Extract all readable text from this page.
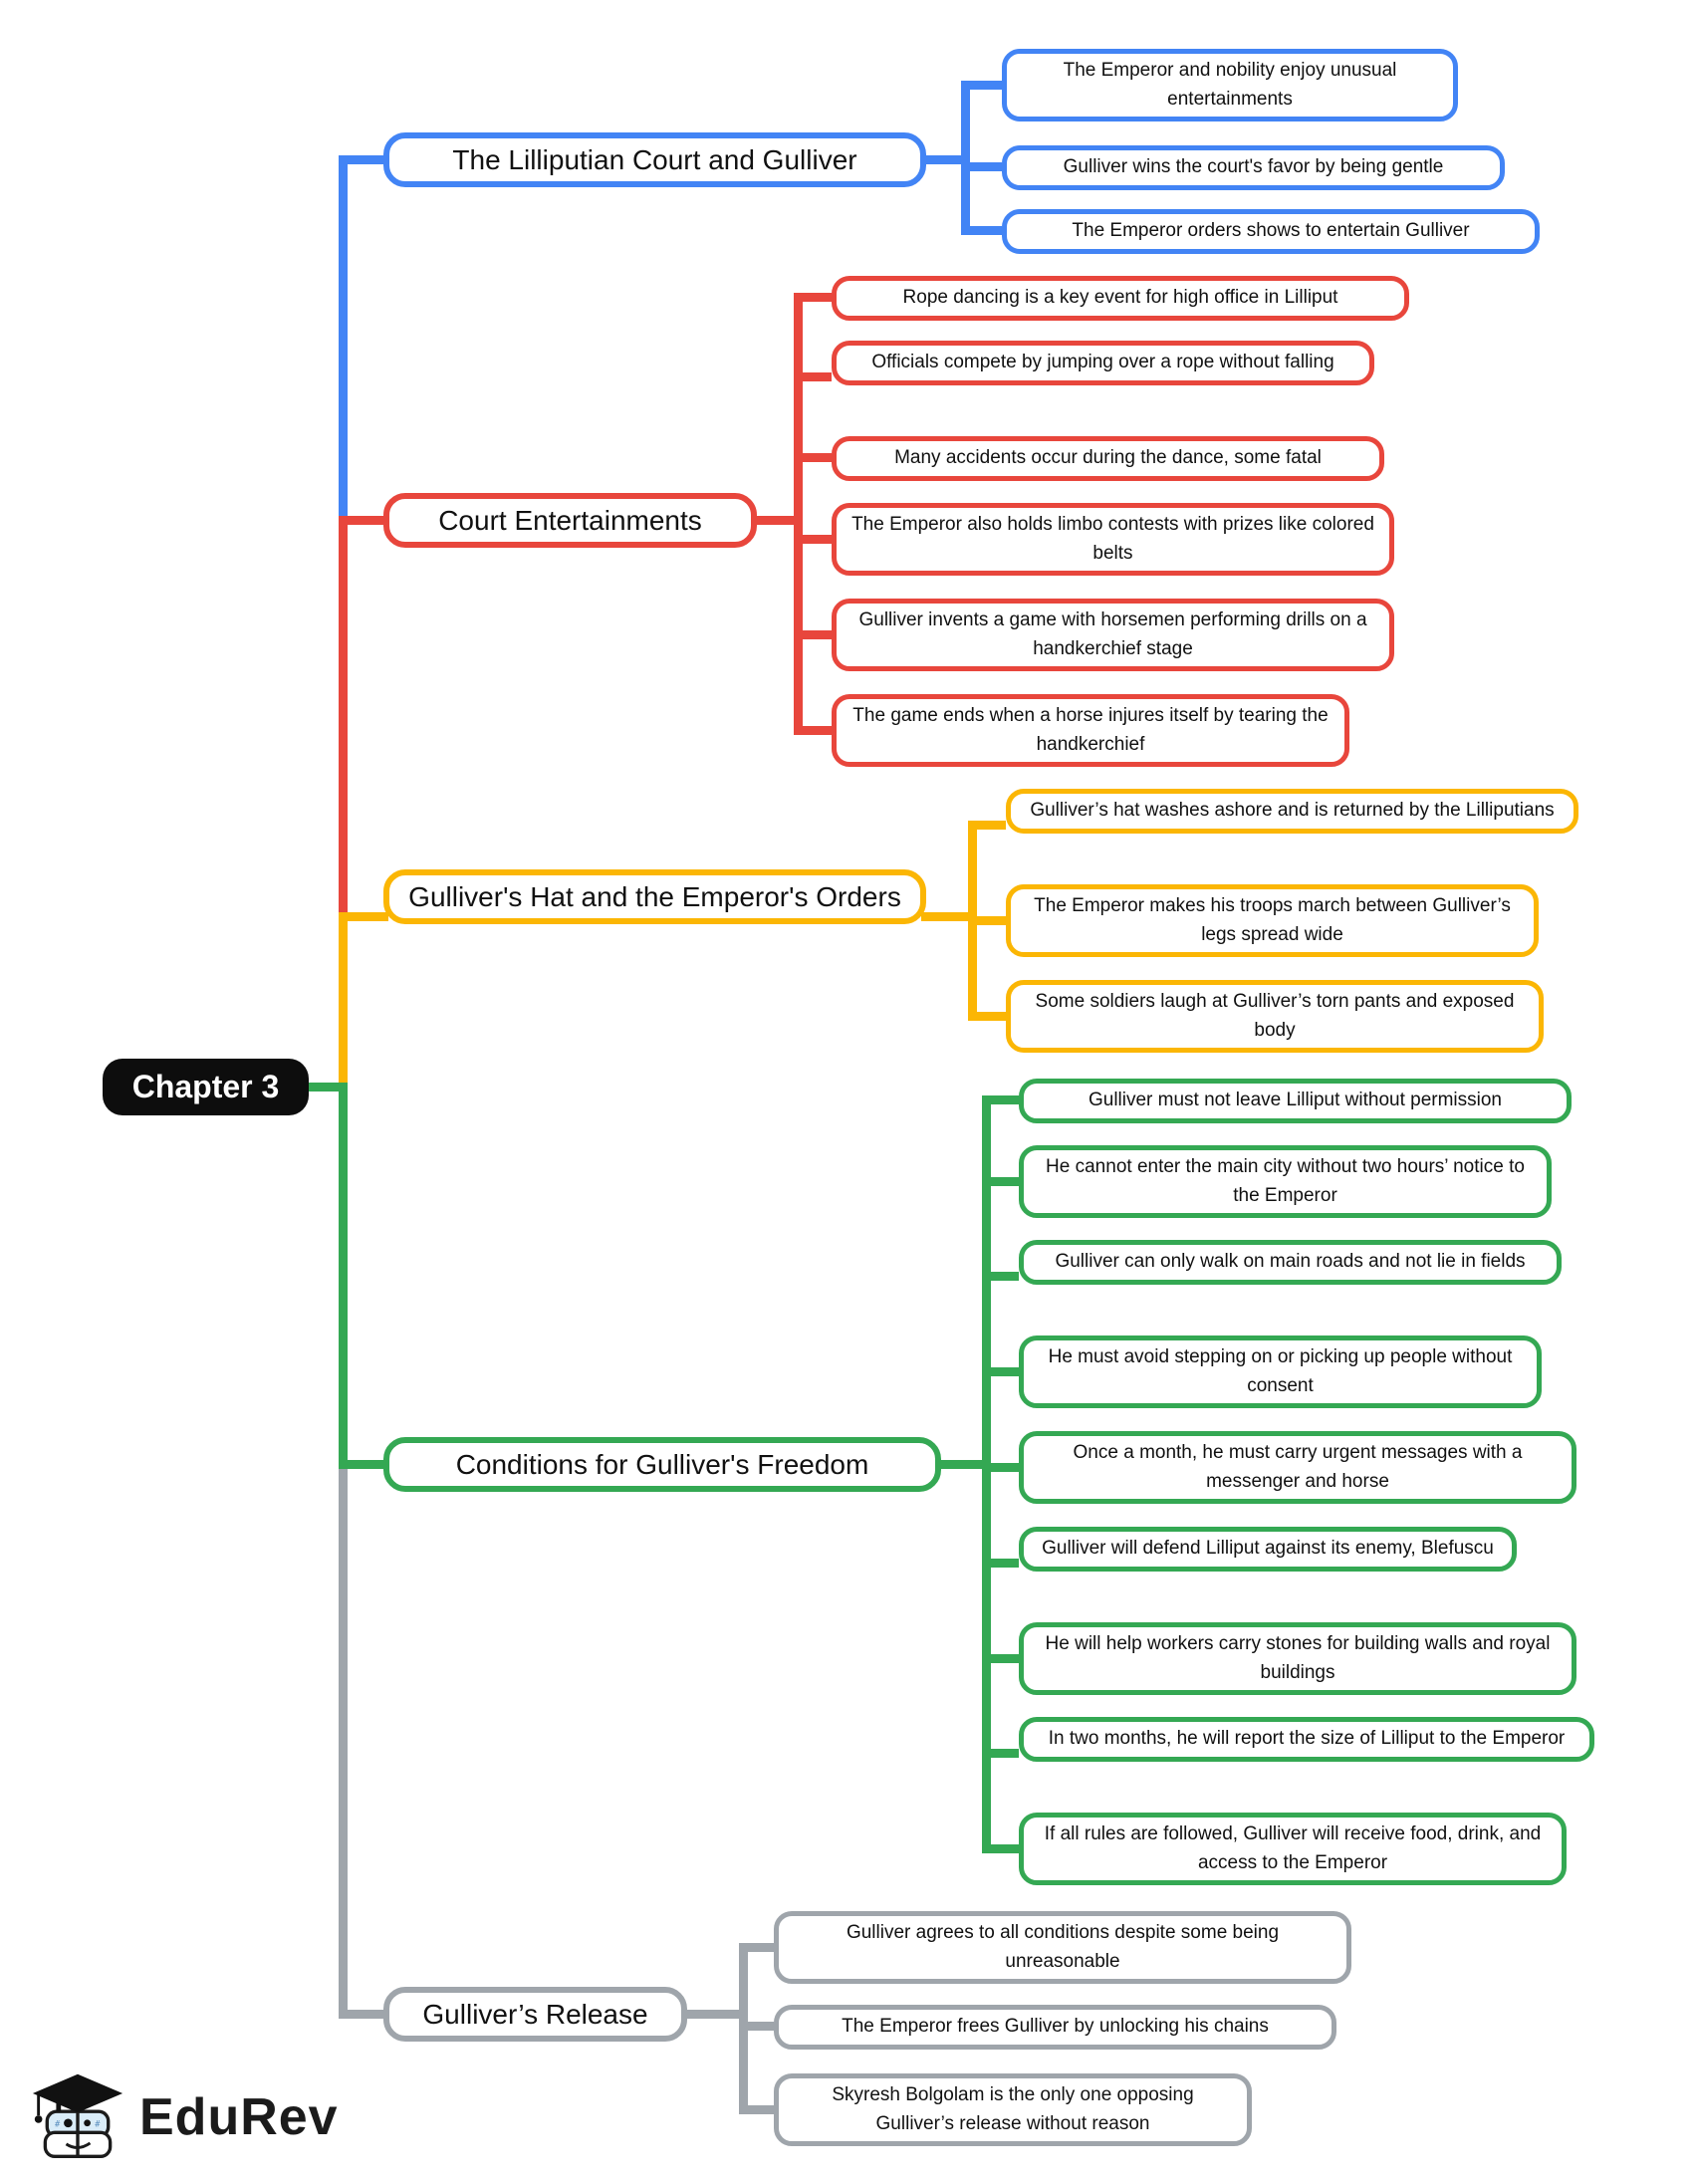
Chapter 3
The Lilliputian Court and Gulliver
The Emperor and nobility enjoy unusual entertainments
Gulliver wins the court's favor by being gentle
The Emperor orders shows to entertain Gulliver
Court Entertainments
Rope dancing is a key event for high office in Lilliput
Officials compete by jumping over a rope without falling
Many accidents occur during the dance, some fatal
The Emperor also holds limbo contests with prizes like colored belts
Gulliver invents a game with horsemen performing drills on a handkerchief stage
The game ends when a horse injures itself by tearing the handkerchief
Gulliver's Hat and the Emperor's Orders
Gulliver’s hat washes ashore and is returned by the Lilliputians
The Emperor makes his troops march between Gulliver’s legs spread wide
Some soldiers laugh at Gulliver’s torn pants and exposed body
Conditions for Gulliver's Freedom
Gulliver must not leave Lilliput without permission
He cannot enter the main city without two hours’ notice to the Emperor
Gulliver can only walk on main roads and not lie in fields
He must avoid stepping on or picking up people without consent
Once a month, he must carry urgent messages with a messenger and horse
Gulliver will defend Lilliput against its enemy, Blefuscu
He will help workers carry stones for building walls and royal buildings
In two months, he will report the size of Lilliput to the Emperor
If all rules are followed, Gulliver will receive food, drink, and access to the Emperor
Gulliver’s Release
Gulliver agrees to all conditions despite some being unreasonable
The Emperor frees Gulliver by unlocking his chains
Skyresh Bolgolam is the only one opposing Gulliver’s release without reason
#	# EduRev
